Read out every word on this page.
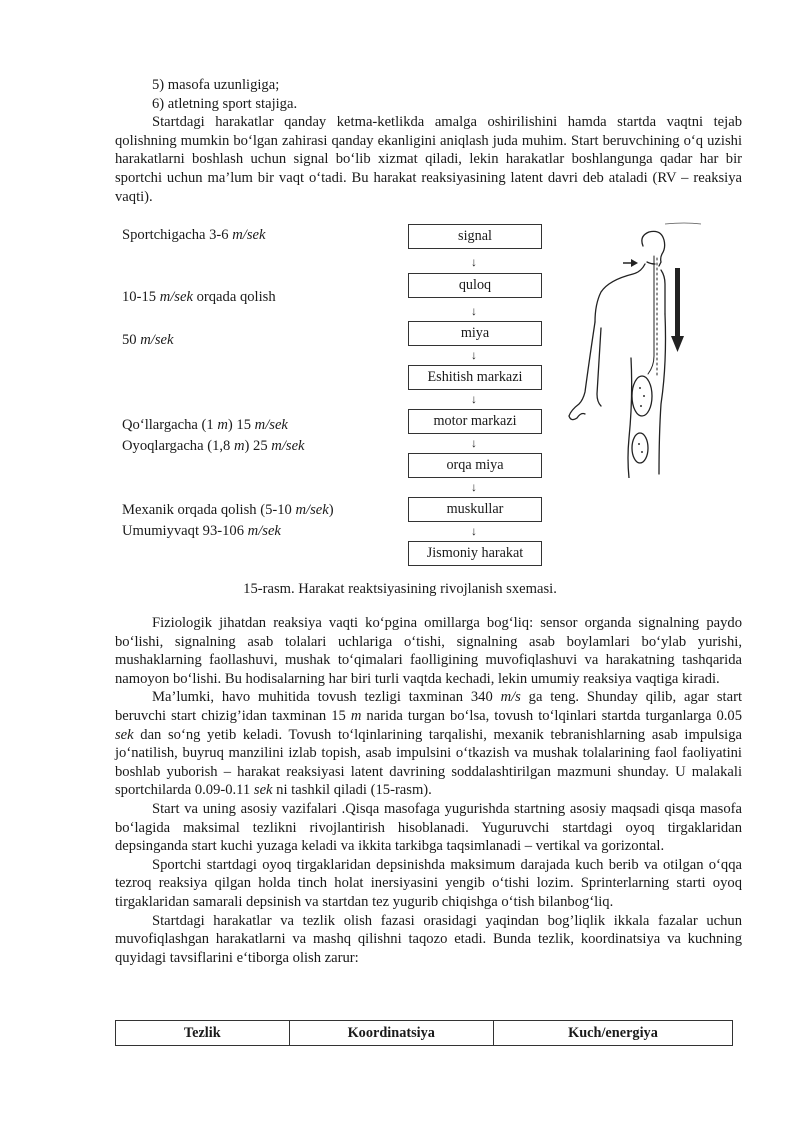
5) masofa uzunligiga;

6) atletning sport stajiga.

Startdagi harakatlar qanday ketma-ketlikda amalga oshirilishini hamda startda vaqtni tejab qolishning mumkin bo‘lgan zahirasi qanday ekanligini aniqlash juda muhim. Start beruvchining o‘q uzishi harakatlarni boshlash uchun signal bo‘lib xizmat qiladi, lekin harakatlar boshlangunga qadar har bir sportchi uchun ma’lum bir vaqt o‘tadi. Bu harakat reaksiyasining latent davri deb ataladi (RV – reaksiya vaqti).

Sportchigacha 3-6 m/sek
10-15 m/sek orqada qolish
50 m/sek
Qo‘llargacha (1 m) 15 m/sek
Oyoqlargacha (1,8 m) 25 m/sek
Mexanik orqada qolish (5-10 m/sek)
Umumiyvaqt 93-106 m/sek
signal
↓
quloq
↓
miya
↓
Eshitish markazi
↓
motor markazi
↓
orqa miya
↓
muskullar
↓
Jismoniy harakat
15-rasm. Harakat reaktsiyasining rivojlanish sxemasi.

Fiziologik jihatdan reaksiya vaqti ko‘pgina omillarga bog‘liq: sensor organda signalning paydo bo‘lishi, signalning asab tolalari uchlariga o‘tishi, signalning asab boylamlari bo‘ylab yurishi, mushaklarning faollashuvi, mushak to‘qimalari faolligining muvofiqlashuvi va harakatning tashqarida namoyon bo‘lishi. Bu hodisalarning har biri turli vaqtda kechadi, lekin umumiy reaksiya vaqtiga kiradi.

Ma’lumki, havo muhitida tovush tezligi taxminan 340 m/s ga teng. Shunday qilib, agar start beruvchi start chizig’idan taxminan 15 m narida turgan bo‘lsa, tovush to‘lqinlari startda turganlarga 0.05 sek dan so‘ng yetib keladi. Tovush to‘lqinlarining tarqalishi, mexanik tebranishlarning asab impulsiga jo‘natilish, buyruq manzilini izlab topish, asab impulsini o‘tkazish va mushak tolalarining faol faoliyatini boshlab yuborish – harakat reaksiyasi latent davrining soddalashtirilgan mazmuni shunday. U malakali sportchilarda 0.09-0.11 sek ni tashkil qiladi (15-rasm).

Start va uning asosiy vazifalari .Qisqa masofaga yugurishda startning asosiy maqsadi qisqa masofa bo‘lagida maksimal tezlikni rivojlantirish hisoblanadi. Yuguruvchi startdagi oyoq tirgaklaridan depsinganda start kuchi yuzaga keladi va ikkita tarkibga taqsimlanadi – vertikal va gorizontal.

Sportchi startdagi oyoq tirgaklaridan depsinishda maksimum darajada kuch berib va otilgan o‘qqa tezroq reaksiya qilgan holda tinch holat inersiyasini yengib o‘tishi lozim. Sprinterlarning starti oyoq tirgaklaridan samarali depsinish va startdan tez yugurib chiqishga o‘tish bilanbog‘liq.

Startdagi harakatlar va tezlik olish fazasi orasidagi yaqindan bog’liqlik ikkala fazalar uchun muvofiqlashgan harakatlarni va mashq qilishni taqozo etadi. Bunda tezlik, koordinatsiya va kuchning quyidagi tavsiflarini e‘tiborga olish zarur:

Tezlik	Koordinatsiya	Kuch/energiya
